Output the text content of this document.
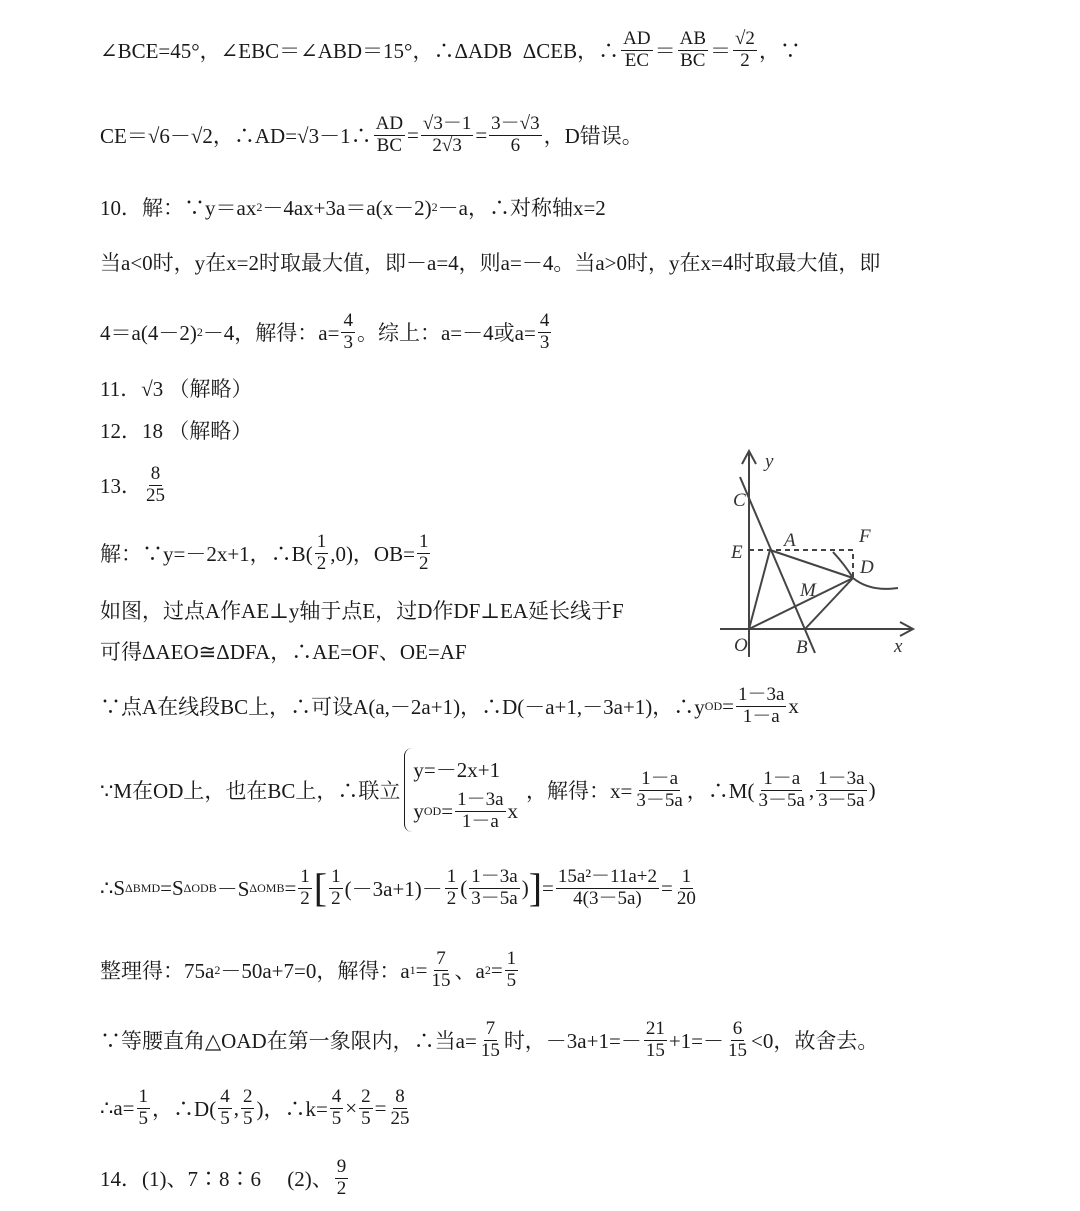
∠BCE=45°，∠EBC＝∠ABD＝15°，∴ΔADB  ΔCEB，∴ $\frac{AD}{EC} = \frac{AB}{BC} = \frac{√2}{2}$ ，∵
CE＝√6－√2，∴AD=√3－1∴ $\frac{AD}{BC} = \frac{√3-1}{2√3} = \frac{3-√3}{6}$ ，D错误。
10．解：∵y＝ax 2 －4ax+3a＝a(x－2) 2 －a，∴对称轴x=2
当a<0时，y在x=2时取最大值，即－a=4，则a=－4。当a>0时，y在x=4时取最大值，即
4＝a(4－2) 2 －4，解得：$a= \frac{4}{3}$ 。综上：a=－4或$a= \frac{4}{3}$
11．√3 （解略）
12．18 （解略）
13． $\frac{8}{25}$
解：∵y=－2x+1，∴B( $\frac{1}{2} ,0$)，$OB= \frac{1}{2}$
如图，过点A作AE⊥y轴于点E，过D作DF⊥EA延长线于F
可得ΔAEO≅ΔDFA，∴AE=OF、OE=AF
∵点A在线段BC上，∴可设A(a,－2a+1)，∴D(－a+1,－3a+1)，∴y OD = $\frac{1-3a}{1-a}$ x
∵M在OD上，也在BC上，∴联立
y=－2x+1
y OD = $\frac{1-3a}{1-a}$ x
，解得：$x= \frac{1-a}{3-5a}$ ，∴M( $\frac{1-a}{3-5a}$ , $\frac{1-3a}{3-5a}$ )
∴S ΔBMD =S ΔODB －S $\Delta OMB = \frac{1}{2}$ [ $\frac{1}{2} (-3a+1)- \frac{1}{2}$ ( $\frac{1-3a}{3-5a}$ ) ] = $\frac{\text{15a²－11a+2}}{4(3-5a)} = \frac{1}{20}$
整理得：75a 2 －50a+7=0，解得：a $1 = \frac{7}{15}$ 、a $2 = \frac{1}{5}$
∵等腰直角△OAD在第一象限内，∴当$a= \frac{7}{15}$ 时，$-3a+1=- \frac{21}{15} +1=- \frac{6}{15} <0$，故舍去。
∴a= $\frac{1}{5}$ ，∴D( $\frac{4}{5}$ , $\frac{2}{5}$ )，∴k= $\frac{4}{5} \times \frac{2}{5} = \frac{8}{25}$
14．(1)、7∶8∶6     (2)、 $\frac{9}{2}$
y
C
E
A	F
D
M
O	B	x
